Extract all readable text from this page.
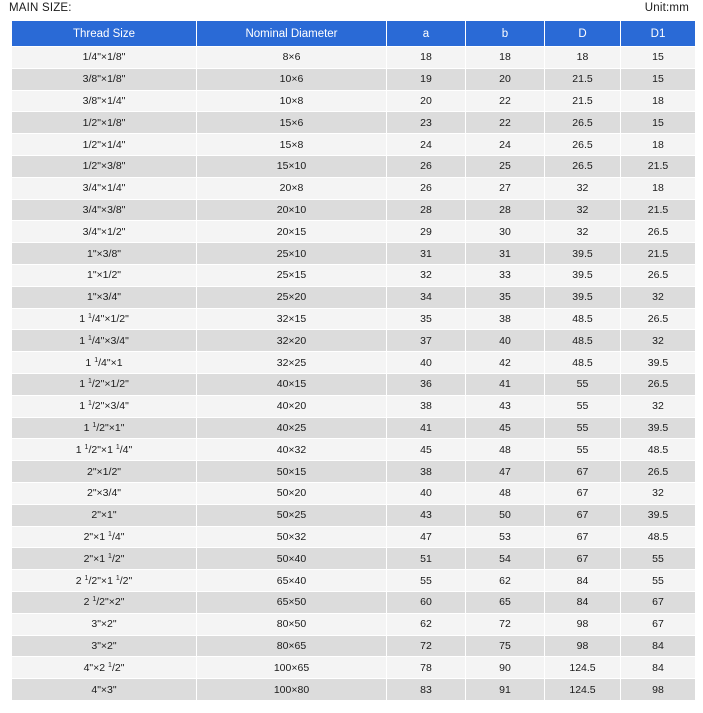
MAIN SIZE:	Unit:mm
Thread Size	Nominal Diameter	a	b	D	D1
1/4"×1/8"	8×6	18	18	18	15
3/8"×1/8"	10×6	19	20	21.5	15
3/8"×1/4"	10×8	20	22	21.5	18
1/2"×1/8"	15×6	23	22	26.5	15
1/2"×1/4"	15×8	24	24	26.5	18
1/2"×3/8"	15×10	26	25	26.5	21.5
3/4"×1/4"	20×8	26	27	32	18
3/4"×3/8"	20×10	28	28	32	21.5
3/4"×1/2"	20×15	29	30	32	26.5
1"×3/8"	25×10	31	31	39.5	21.5
1"×1/2"	25×15	32	33	39.5	26.5
1"×3/4"	25×20	34	35	39.5	32
1 $^1$/4"×1/2"	32×15	35	38	48.5	26.5
1 $^1$/4"×3/4"	32×20	37	40	48.5	32
1 $^1$/4"×1	32×25	40	42	48.5	39.5
1 $^1$/2"×1/2"	40×15	36	41	55	26.5
1 $^1$/2"×3/4"	40×20	38	43	55	32
1 $^1$/2"×1"	40×25	41	45	55	39.5
1 $^1$/2"×1 $^1$/4"	40×32	45	48	55	48.5
2"×1/2"	50×15	38	47	67	26.5
2"×3/4"	50×20	40	48	67	32
2"×1"	50×25	43	50	67	39.5
2"×1 $^1$/4"	50×32	47	53	67	48.5
2"×1 $^1$/2"	50×40	51	54	67	55
2 $^1$/2"×1 $^1$/2"	65×40	55	62	84	55
2 $^1$/2"×2"	65×50	60	65	84	67
3"×2"	80×50	62	72	98	67
3"×2"	80×65	72	75	98	84
4"×2 $^1$/2"	100×65	78	90	124.5	84
4"×3"	100×80	83	91	124.5	98
